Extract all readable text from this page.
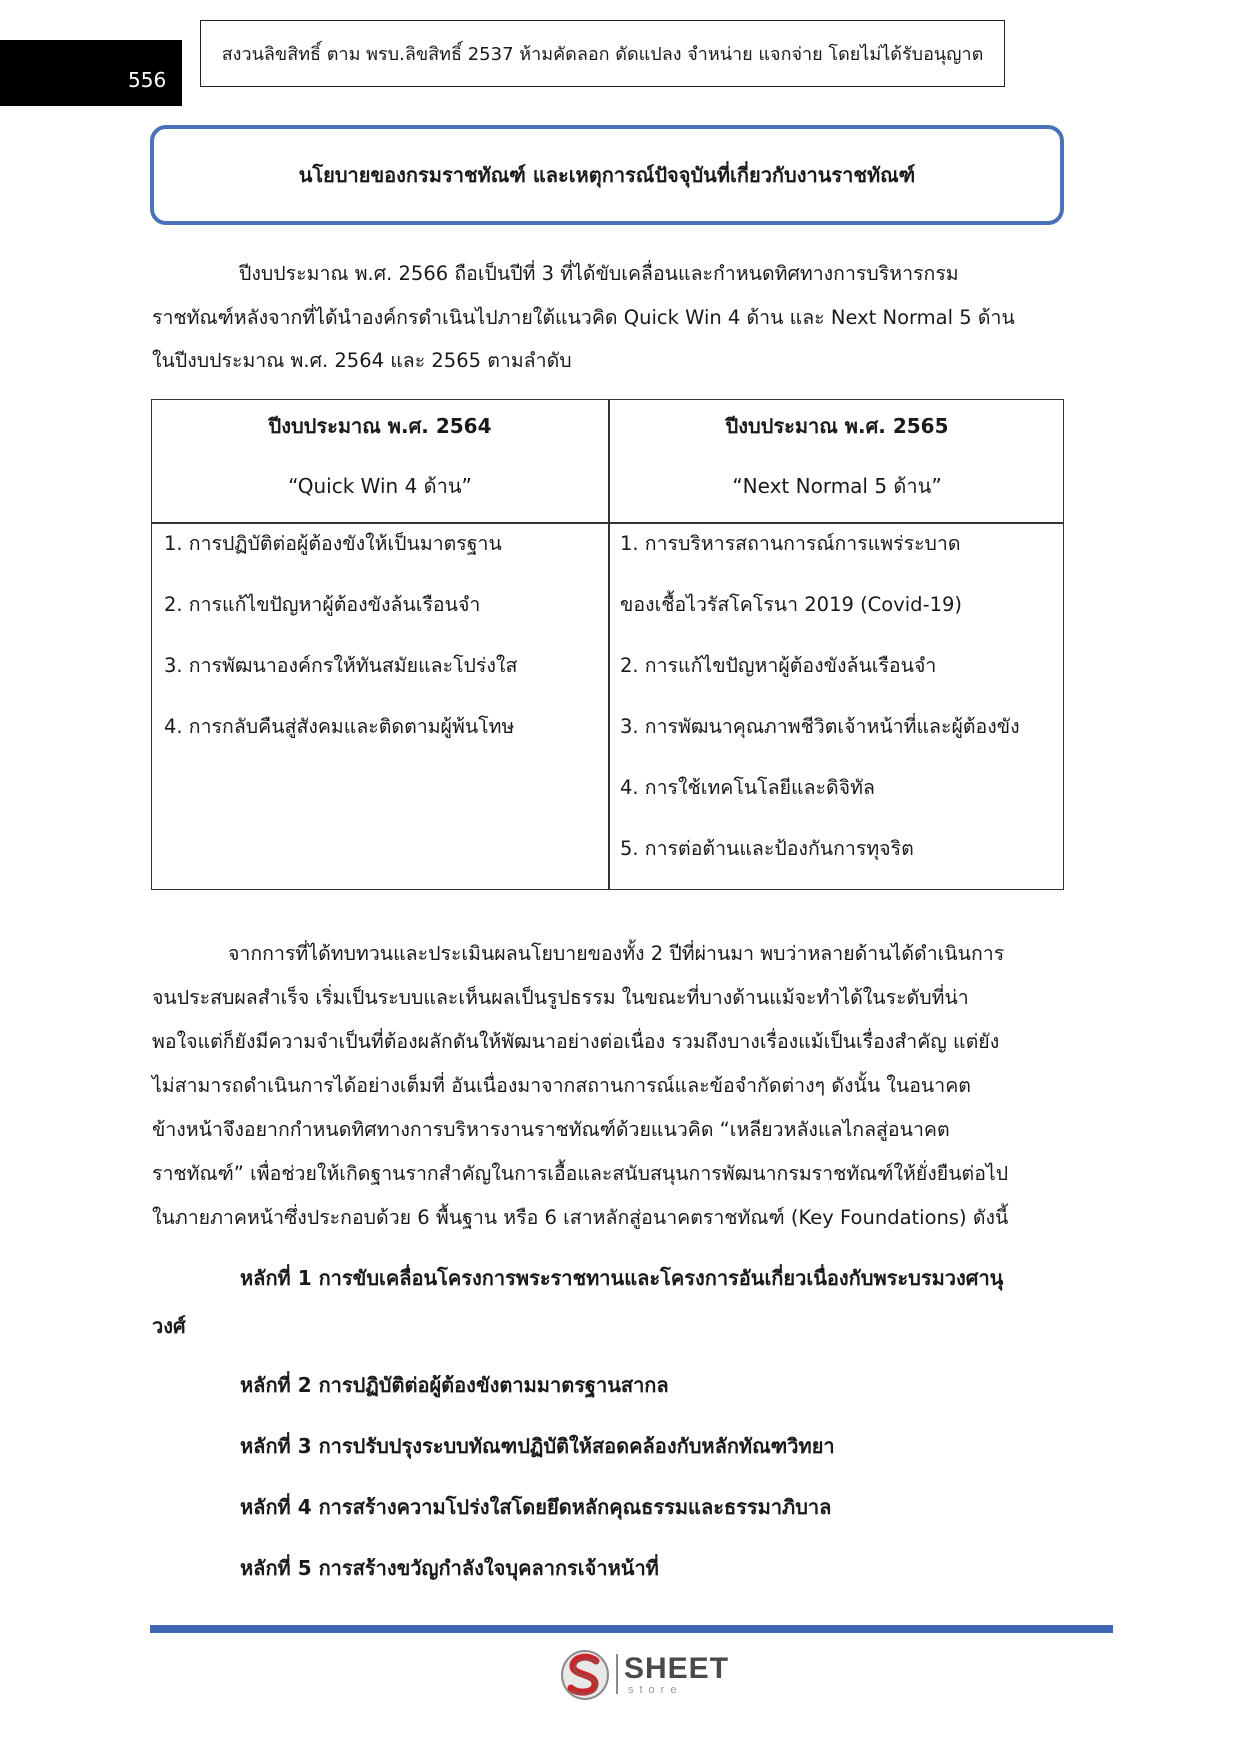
556
สงวนลิขสิทธิ์ ตาม พรบ.ลิขสิทธิ์ 2537 ห้ามคัดลอก ดัดแปลง จำหน่าย แจกจ่าย โดยไม่ได้รับอนุญาต
นโยบายของกรมราชทัณฑ์ และเหตุการณ์ปัจจุบันที่เกี่ยวกับงานราชทัณฑ์
ปีงบประมาณ พ.ศ. 2566 ถือเป็นปีที่ 3 ที่ได้ขับเคลื่อนและกำหนดทิศทางการบริหารกรม
ราชทัณฑ์หลังจากที่ได้นำองค์กรดำเนินไปภายใต้แนวคิด Quick Win 4 ด้าน และ Next Normal 5 ด้าน
ในปีงบประมาณ พ.ศ. 2564 และ 2565 ตามลำดับ
ปีงบประมาณ พ.ศ. 2564
“Quick Win 4 ด้าน”
ปีงบประมาณ พ.ศ. 2565
“Next Normal 5 ด้าน”
1. การปฏิบัติต่อผู้ต้องขังให้เป็นมาตรฐาน
2. การแก้ไขปัญหาผู้ต้องขังล้นเรือนจำ
3. การพัฒนาองค์กรให้ทันสมัยและโปร่งใส
4. การกลับคืนสู่สังคมและติดตามผู้พ้นโทษ
1. การบริหารสถานการณ์การแพร่ระบาด
ของเชื้อไวรัสโคโรนา 2019 (Covid-19)
2. การแก้ไขปัญหาผู้ต้องขังล้นเรือนจำ
3. การพัฒนาคุณภาพชีวิตเจ้าหน้าที่และผู้ต้องขัง
4. การใช้เทคโนโลยีและดิจิทัล
5. การต่อต้านและป้องกันการทุจริต
จากการที่ได้ทบทวนและประเมินผลนโยบายของทั้ง 2 ปีที่ผ่านมา พบว่าหลายด้านได้ดำเนินการ
จนประสบผลสำเร็จ เริ่มเป็นระบบและเห็นผลเป็นรูปธรรม ในขณะที่บางด้านแม้จะทำได้ในระดับที่น่า
พอใจแต่ก็ยังมีความจำเป็นที่ต้องผลักดันให้พัฒนาอย่างต่อเนื่อง รวมถึงบางเรื่องแม้เป็นเรื่องสำคัญ แต่ยัง
ไม่สามารถดำเนินการได้อย่างเต็มที่ อันเนื่องมาจากสถานการณ์และข้อจำกัดต่างๆ ดังนั้น ในอนาคต
ข้างหน้าจึงอยากกำหนดทิศทางการบริหารงานราชทัณฑ์ด้วยแนวคิด “เหลียวหลังแลไกลสู่อนาคต
ราชทัณฑ์” เพื่อช่วยให้เกิดฐานรากสำคัญในการเอื้อและสนับสนุนการพัฒนากรมราชทัณฑ์ให้ยั่งยืนต่อไป
ในภายภาคหน้าซึ่งประกอบด้วย 6 พื้นฐาน หรือ 6 เสาหลักสู่อนาคตราชทัณฑ์ (Key Foundations) ดังนี้
หลักที่ 1 การขับเคลื่อนโครงการพระราชทานและโครงการอันเกี่ยวเนื่องกับพระบรมวงศานุ
วงศ์
หลักที่ 2 การปฏิบัติต่อผู้ต้องขังตามมาตรฐานสากล
หลักที่ 3 การปรับปรุงระบบทัณฑปฏิบัติให้สอดคล้องกับหลักทัณฑวิทยา
หลักที่ 4 การสร้างความโปร่งใสโดยยึดหลักคุณธรรมและธรรมาภิบาล
หลักที่ 5 การสร้างขวัญกำลังใจบุคลากรเจ้าหน้าที่
SHEET
store
